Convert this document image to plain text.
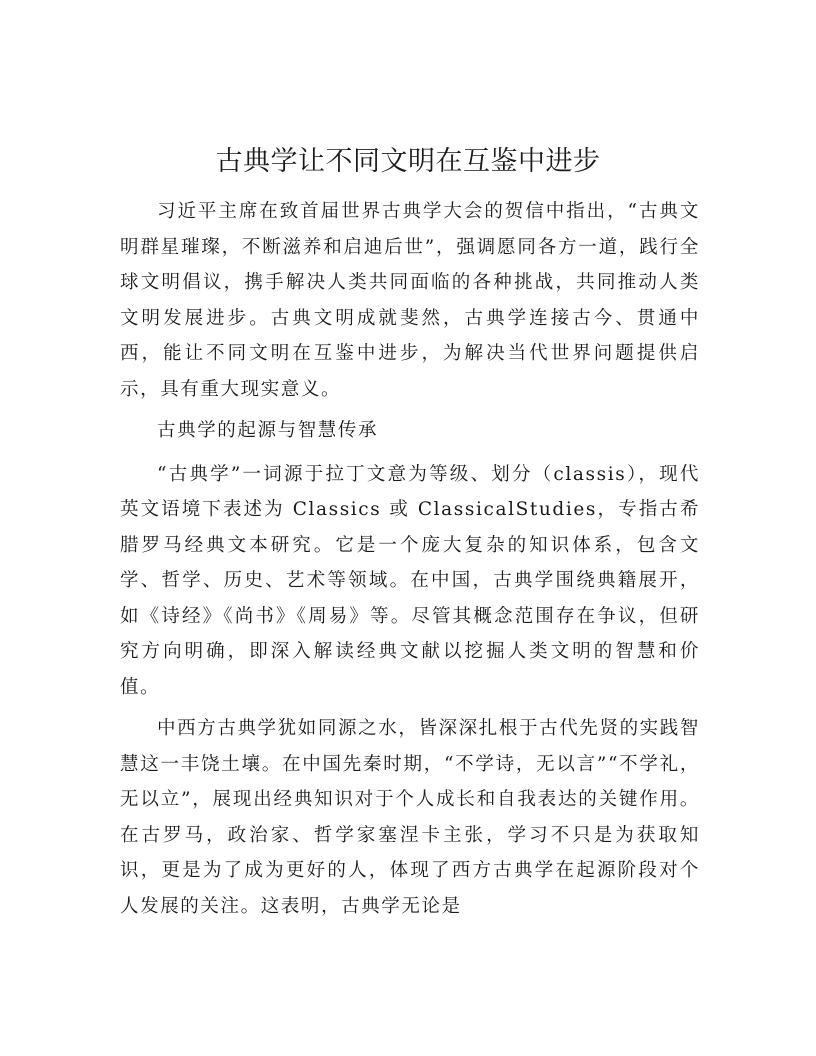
古典学让不同文明在互鉴中进步

习近平主席在致首届世界古典学大会的贺信中指出，“古典文明群星璀璨，不断滋养和启迪后世”，强调愿同各方一道，践行全球文明倡议，携手解决人类共同面临的各种挑战，共同推动人类文明发展进步。古典文明成就斐然，古典学连接古今、贯通中西，能让不同文明在互鉴中进步，为解决当代世界问题提供启示，具有重大现实意义。

古典学的起源与智慧传承

“古典学”一词源于拉丁文意为等级、划分（classis），现代英文语境下表述为 Classics 或 ClassicalStudies，专指古希腊罗马经典文本研究。它是一个庞大复杂的知识体系，包含文学、哲学、历史、艺术等领域。在中国，古典学围绕典籍展开，如《诗经》《尚书》《周易》等。尽管其概念范围存在争议，但研究方向明确，即深入解读经典文献以挖掘人类文明的智慧和价值。

中西方古典学犹如同源之水，皆深深扎根于古代先贤的实践智慧这一丰饶土壤。在中国先秦时期，“不学诗，无以言”“不学礼，无以立”，展现出经典知识对于个人成长和自我表达的关键作用。在古罗马，政治家、哲学家塞涅卡主张，学习不只是为获取知识，更是为了成为更好的人，体现了西方古典学在起源阶段对个人发展的关注。这表明，古典学无论是
